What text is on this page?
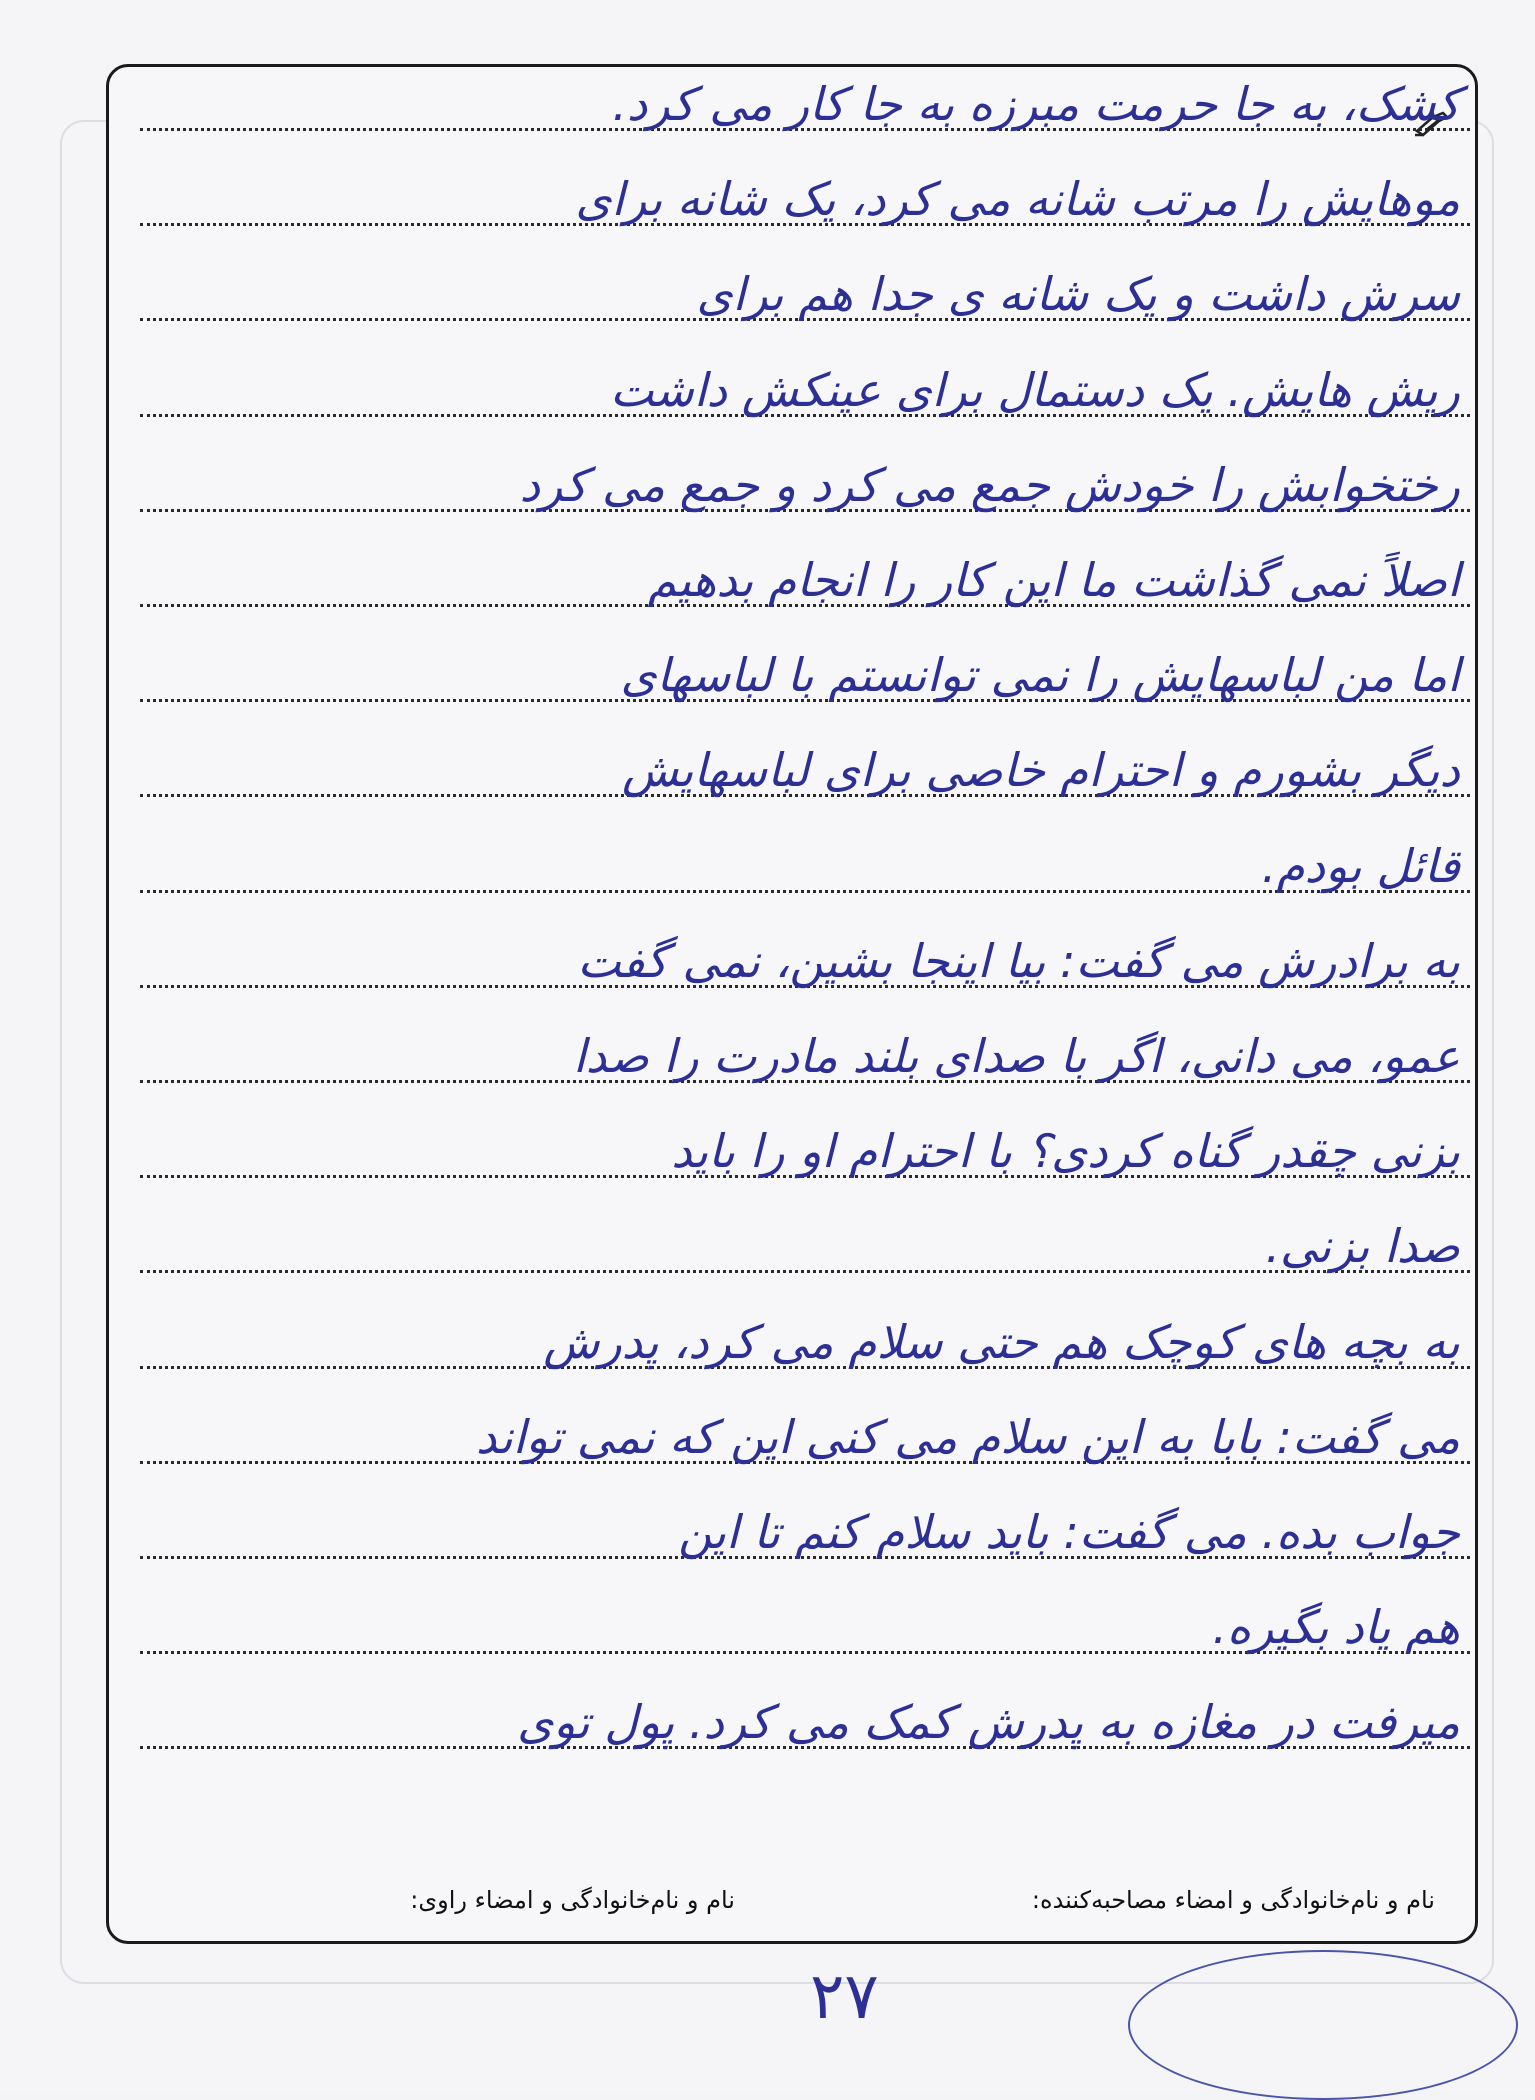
کشک، به جا حرمت مبرزه به جا کار می کرد.
موهایش را مرتب شانه می کرد، یک شانه برای
سرش داشت و یک شانه ی جدا هم برای
ریش هایش. یک دستمال برای عینکش داشت
رختخوابش را خودش جمع می کرد و جمع می کرد
اصلاً نمی گذاشت ما این کار را انجام بدهیم
اما من لباسهایش را نمی توانستم با لباسهای
دیگر بشورم و احترام خاصی برای لباسهایش
قائل بودم.
به برادرش می گفت: بیا اینجا بشین، نمی گفت
عمو، می دانی، اگر با صدای بلند مادرت را صدا
بزنی چقدر گناه کردی؟ با احترام او را باید
صدا بزنی.
به بچه های کوچک هم حتی سلام می کرد، پدرش
می گفت: بابا به این سلام می کنی این که نمی تواند
جواب بده. می گفت: باید سلام کنم تا این
هم یاد بگیره.
میرفت در مغازه به پدرش کمک می کرد. پول توی
نام و نام‌خانوادگی و امضاء مصاحبه‌کننده:
نام و نام‌خانوادگی و امضاء راوی:
۲۷
